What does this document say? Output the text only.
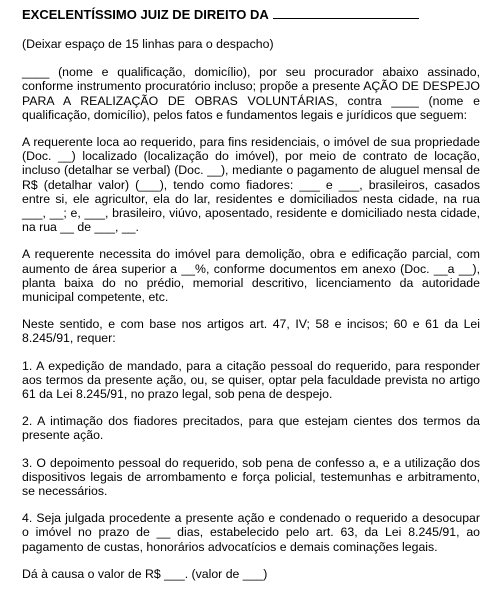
EXCELENTÍSSIMO JUIZ DE DIREITO DA

(Deixar espaço de 15 linhas para o despacho)

____ (nome e qualificação, domicílio), por seu procurador abaixo assinado, conforme instrumento procuratório incluso; propõe a presente AÇÃO DE DESPEJO PARA A REALIZAÇÃO DE OBRAS VOLUNTÁRIAS, contra ____ (nome e qualificação, domicílio), pelos fatos e fundamentos legais e jurídicos que seguem:

A requerente loca ao requerido, para fins residenciais, o imóvel de sua propriedade (Doc. __) localizado (localização do imóvel), por meio de contrato de locação, incluso (detalhar se verbal) (Doc. __), mediante o pagamento de aluguel mensal de R$ (detalhar valor) (___), tendo como fiadores: ___ e ___, brasileiros, casados entre si, ele agricultor, ela do lar, residentes e domiciliados nesta cidade, na rua ___, __; e, ___, brasileiro, viúvo, aposentado, residente e domiciliado nesta cidade, na rua __ de ___, __.

A requerente necessita do imóvel para demolição, obra e edificação parcial, com aumento de área superior a __%, conforme documentos em anexo (Doc. __a __), planta baixa do no prédio, memorial descritivo, licenciamento da autoridade municipal competente, etc.

Neste sentido, e com base nos artigos art. 47, IV; 58 e incisos; 60 e 61 da Lei 8.245/91, requer:

1. A expedição de mandado, para a citação pessoal do requerido, para responder aos termos da presente ação, ou, se quiser, optar pela faculdade prevista no artigo 61 da Lei 8.245/91, no prazo legal, sob pena de despejo.

2. A intimação dos fiadores precitados, para que estejam cientes dos termos da presente ação.

3. O depoimento pessoal do requerido, sob pena de confesso a, e a utilização dos dispositivos legais de arrombamento e força policial, testemunhas e arbitramento, se necessários.

4. Seja julgada procedente a presente ação e condenado o requerido a desocupar o imóvel no prazo de __ dias, estabelecido pelo art. 63, da Lei 8.245/91, ao pagamento de custas, honorários advocatícios e demais cominações legais.

Dá à causa o valor de R$ ___. (valor de ___)
